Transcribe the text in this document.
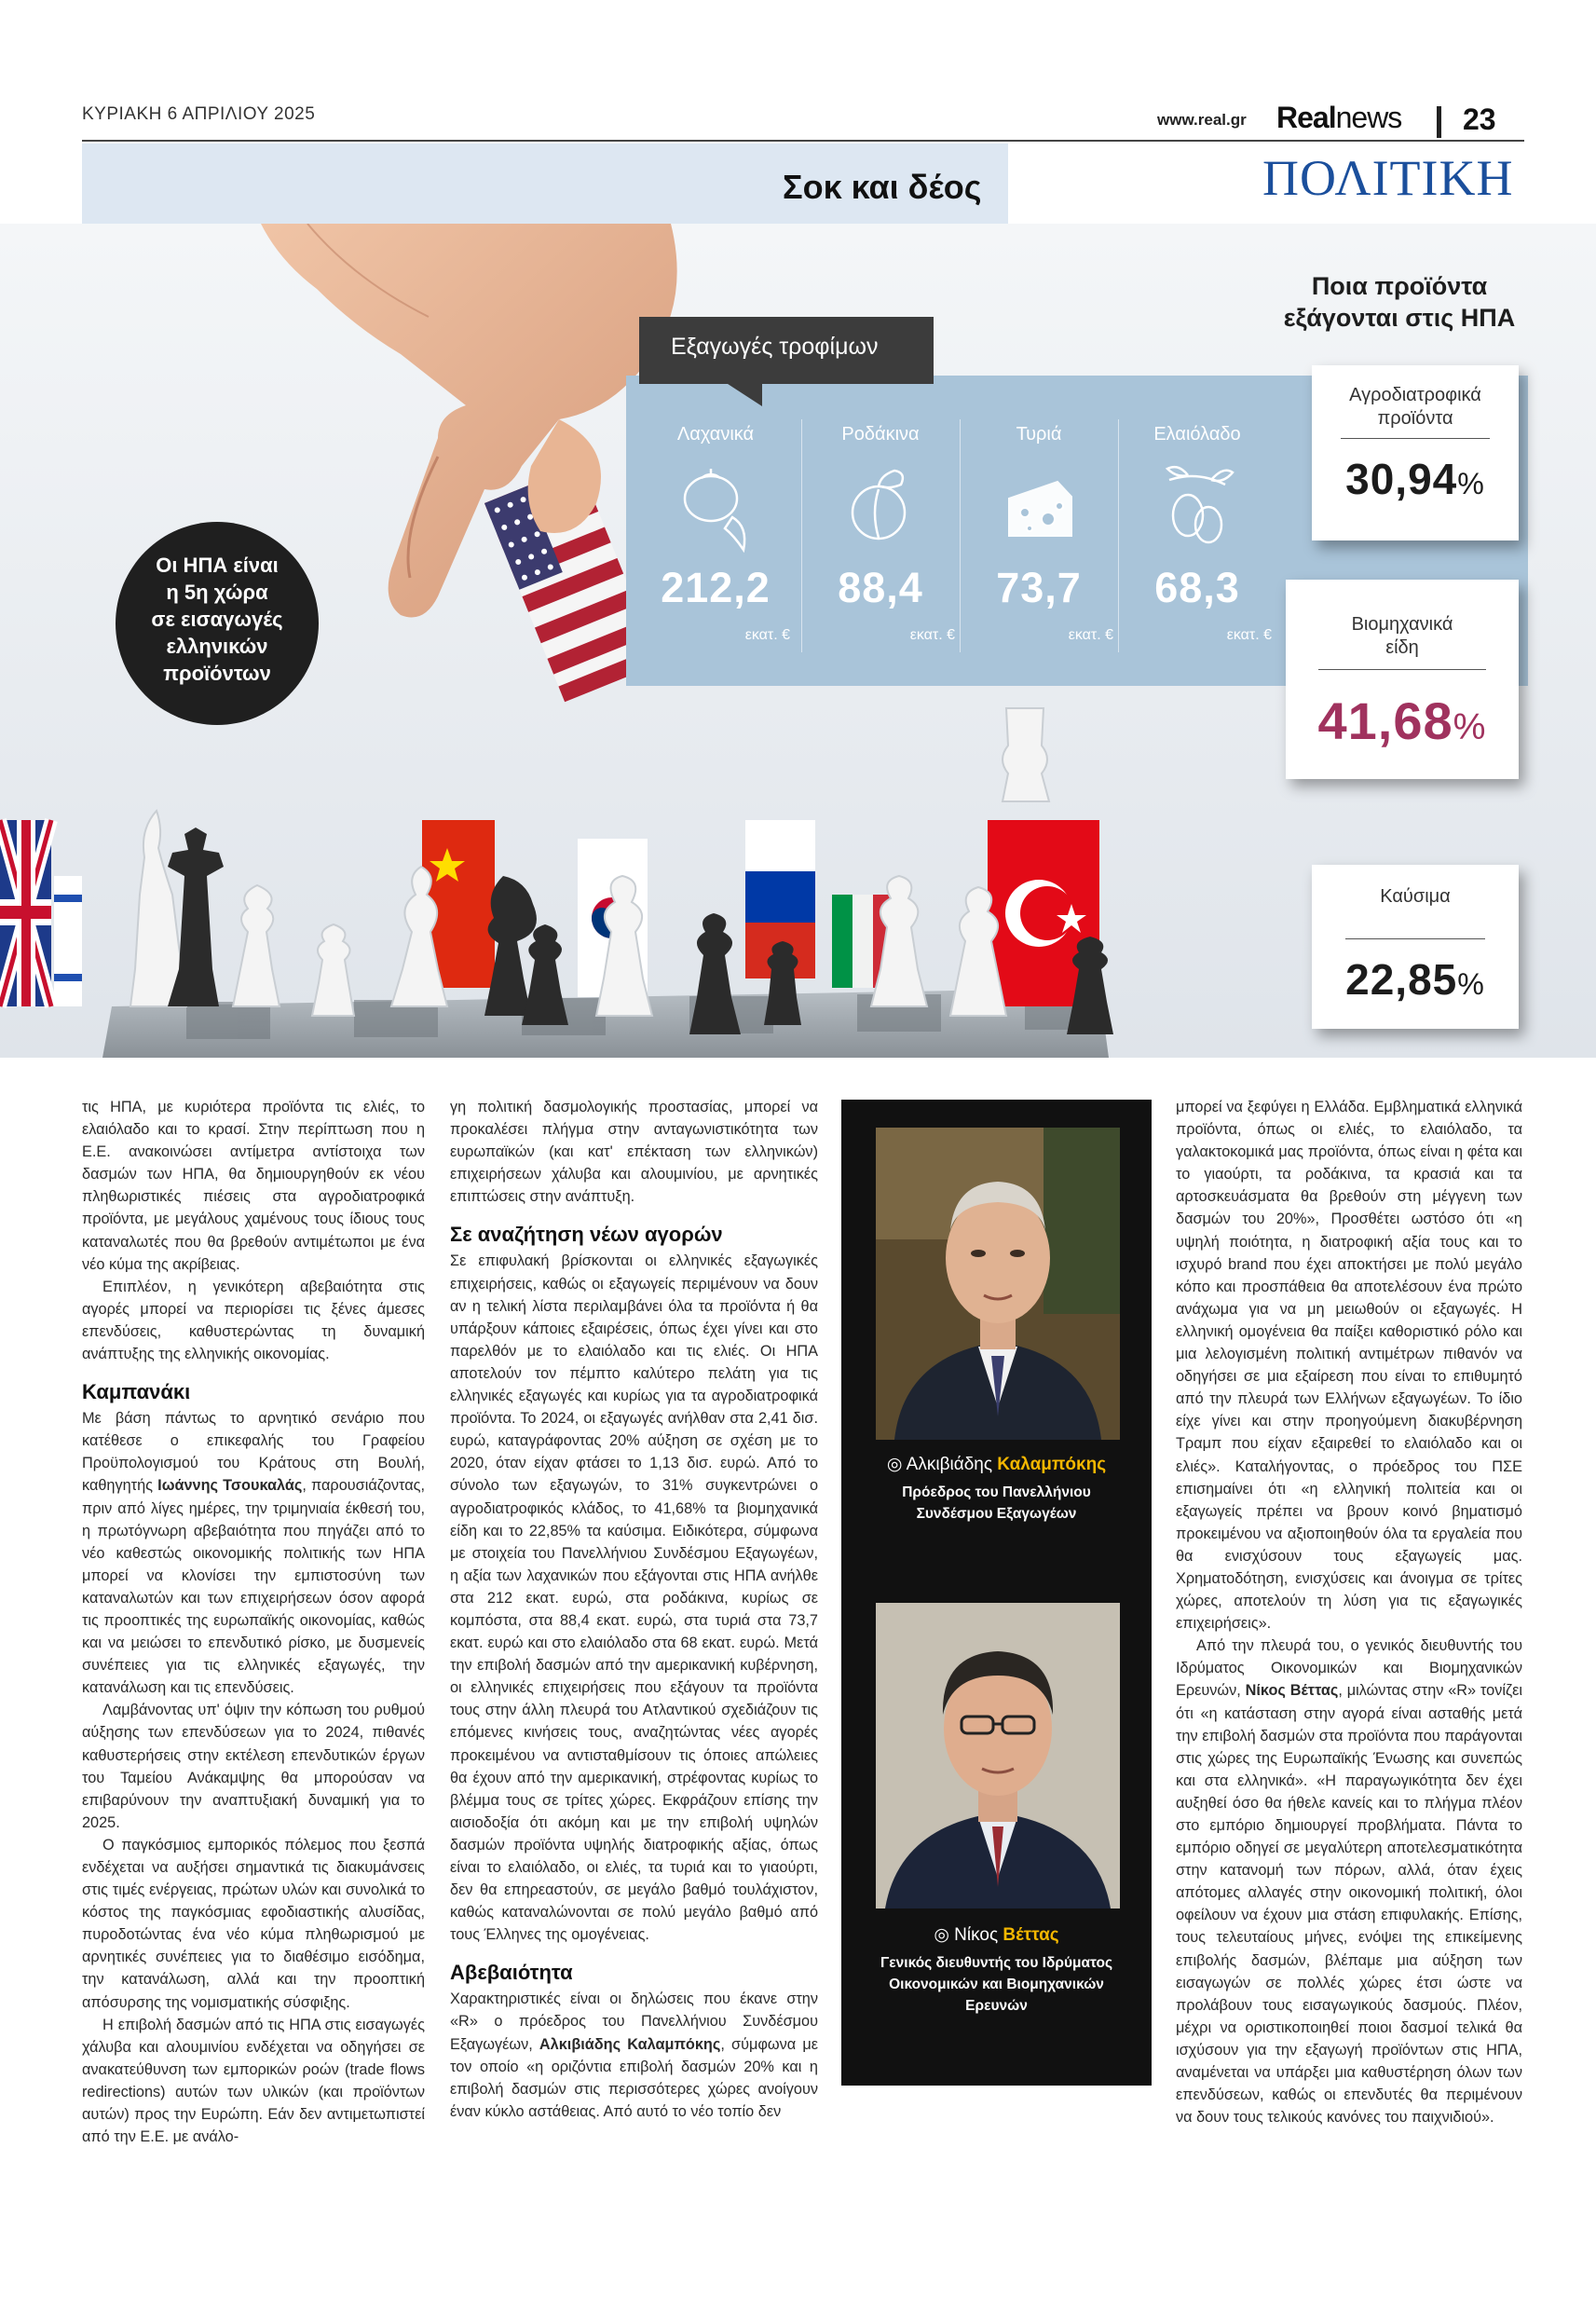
ΚΥΡΙΑΚΗ 6 ΑΠΡΙΛΙΟΥ 2025	www.real.gr Realnews 23
Σοκ και δέος	ΠΟΛΙΤΙΚΗ
Εξαγωγές τροφίμων
Λαχανικά
212,2
εκατ. €
Ροδάκινα
88,4
εκατ. €
Τυριά
73,7
εκατ. €
Ελαιόλαδο
68,3
εκατ. €
Ποια προϊόντα
εξάγονται στις ΗΠΑ
Αγροδιατροφικά
προϊόντα
30,94%
Βιομηχανικά
είδη
41,68%
Καύσιμα
22,85%
Οι ΗΠΑ είναι
η 5η χώρα
σε εισαγωγές
ελληνικών
προϊόντων

τις ΗΠΑ, με κυριότερα προϊόντα τις ελιές, το ελαιόλαδο και το κρασί. Στην περίπτωση που η Ε.Ε. ανακοινώσει αντίμετρα αντίστοιχα των δασμών των ΗΠΑ, θα δημιουργηθούν εκ νέου πληθωριστικές πιέσεις στα αγροδιατροφικά προϊόντα, με μεγάλους χαμένους τους ίδιους τους καταναλωτές που θα βρεθούν αντιμέτωποι με ένα νέο κύμα της ακρίβειας.

Επιπλέον, η γενικότερη αβεβαιότητα στις αγορές μπορεί να περιορίσει τις ξένες άμεσες επενδύσεις, καθυστερώντας τη δυναμική ανάπτυξης της ελληνικής οικονομίας.

Καμπανάκι

Με βάση πάντως το αρνητικό σενάριο που κατέθεσε ο επικεφαλής του Γραφείου Προϋπολογισμού του Κράτους στη Βουλή, καθηγητής Ιωάννης Τσουκαλάς, παρουσιάζοντας, πριν από λίγες ημέρες, την τριμηνιαία έκθεσή του, η πρωτόγνωρη αβεβαιότητα που πηγάζει από το νέο καθεστώς οικονομικής πολιτικής των ΗΠΑ μπορεί να κλονίσει την εμπιστοσύνη των καταναλωτών και των επιχειρήσεων όσον αφορά τις προοπτικές της ευρωπαϊκής οικονομίας, καθώς και να μειώσει το επενδυτικό ρίσκο, με δυσμενείς συνέπειες για τις ελληνικές εξαγωγές, την κατανάλωση και τις επενδύσεις.

Λαμβάνοντας υπ' όψιν την κόπωση του ρυθμού αύξησης των επενδύσεων για το 2024, πιθανές καθυστερήσεις στην εκτέλεση επενδυτικών έργων του Ταμείου Ανάκαμψης θα μπορούσαν να επιβαρύνουν την αναπτυξιακή δυναμική για το 2025.

Ο παγκόσμιος εμπορικός πόλεμος που ξεσπά ενδέχεται να αυξήσει σημαντικά τις διακυμάνσεις στις τιμές ενέργειας, πρώτων υλών και συνολικά το κόστος της παγκόσμιας εφοδιαστικής αλυσίδας, πυροδοτώντας ένα νέο κύμα πληθωρισμού με αρνητικές συνέπειες για το διαθέσιμο εισόδημα, την κατανάλωση, αλλά και την προοπτική απόσυρσης της νομισματικής σύσφιξης.

Η επιβολή δασμών από τις ΗΠΑ στις εισαγωγές χάλυβα και αλουμινίου ενδέχεται να οδηγήσει σε ανακατεύθυνση των εμπορικών ροών (trade flows redirections) αυτών των υλικών (και προϊόντων αυτών) προς την Ευρώπη. Εάν δεν αντιμετωπιστεί από την Ε.Ε. με ανάλο-

γη πολιτική δασμολογικής προστασίας, μπορεί να προκαλέσει πλήγμα στην ανταγωνιστικότητα των ευρωπαϊκών (και κατ' επέκταση των ελληνικών) επιχειρήσεων χάλυβα και αλουμινίου, με αρνητικές επιπτώσεις στην ανάπτυξη.

Σε αναζήτηση νέων αγορών

Σε επιφυλακή βρίσκονται οι ελληνικές εξαγωγικές επιχειρήσεις, καθώς οι εξαγωγείς περιμένουν να δουν αν η τελική λίστα περιλαμβάνει όλα τα προϊόντα ή θα υπάρξουν κάποιες εξαιρέσεις, όπως έχει γίνει και στο παρελθόν με το ελαιόλαδο και τις ελιές. Οι ΗΠΑ αποτελούν τον πέμπτο καλύτερο πελάτη για τις ελληνικές εξαγωγές και κυρίως για τα αγροδιατροφικά προϊόντα. Το 2024, οι εξαγωγές ανήλθαν στα 2,41 δισ. ευρώ, καταγράφοντας 20% αύξηση σε σχέση με το 2020, όταν είχαν φτάσει το 1,13 δισ. ευρώ. Από το σύνολο των εξαγωγών, το 31% συγκεντρώνει ο αγροδιατροφικός κλάδος, το 41,68% τα βιομηχανικά είδη και το 22,85% τα καύσιμα. Ειδικότερα, σύμφωνα με στοιχεία του Πανελλήνιου Συνδέσμου Εξαγωγέων, η αξία των λαχανικών που εξάγονται στις ΗΠΑ ανήλθε στα 212 εκατ. ευρώ, στα ροδάκινα, κυρίως σε κομπόστα, στα 88,4 εκατ. ευρώ, στα τυριά στα 73,7 εκατ. ευρώ και στο ελαιόλαδο στα 68 εκατ. ευρώ. Μετά την επιβολή δασμών από την αμερικανική κυβέρνηση, οι ελληνικές επιχειρήσεις που εξάγουν τα προϊόντα τους στην άλλη πλευρά του Ατλαντικού σχεδιάζουν τις επόμενες κινήσεις τους, αναζητώντας νέες αγορές προκειμένου να αντισταθμίσουν τις όποιες απώλειες θα έχουν από την αμερικανική, στρέφοντας κυρίως το βλέμμα τους σε τρίτες χώρες. Εκφράζουν επίσης την αισιοδοξία ότι ακόμη και με την επιβολή υψηλών δασμών προϊόντα υψηλής διατροφικής αξίας, όπως είναι το ελαιόλαδο, οι ελιές, τα τυριά και το γιαούρτι, δεν θα επηρεαστούν, σε μεγάλο βαθμό τουλάχιστον, καθώς καταναλώνονται σε πολύ μεγάλο βαθμό από τους Έλληνες της ομογένειας.

Αβεβαιότητα

Χαρακτηριστικές είναι οι δηλώσεις που έκανε στην «R» ο πρόεδρος του Πανελλήνιου Συνδέσμου Εξαγωγέων, Αλκιβιάδης Καλαμπόκης, σύμφωνα με τον οποίο «η οριζόντια επιβολή δασμών 20% και η επιβολή δασμών στις περισσότερες χώρες ανοίγουν έναν κύκλο αστάθειας. Από αυτό το νέο τοπίο δεν

◎ Αλκιβιάδης Καλαμπόκης
Πρόεδρος του Πανελλήνιου
Συνδέσμου Εξαγωγέων
◎ Νίκος Βέττας
Γενικός διευθυντής του Ιδρύματος
Οικονομικών και Βιομηχανικών
Ερευνών

μπορεί να ξεφύγει η Ελλάδα. Εμβληματικά ελληνικά προϊόντα, όπως οι ελιές, το ελαιόλαδο, τα γαλακτοκομικά μας προϊόντα, όπως είναι η φέτα και το γιαούρτι, τα ροδάκινα, τα κρασιά και τα αρτοσκευάσματα θα βρεθούν στη μέγγενη των δασμών του 20%», Προσθέτει ωστόσο ότι «η υψηλή ποιότητα, η διατροφική αξία τους και το ισχυρό brand που έχει αποκτήσει με πολύ μεγάλο κόπο και προσπάθεια θα αποτελέσουν ένα πρώτο ανάχωμα για να μη μειωθούν οι εξαγωγές. Η ελληνική ομογένεια θα παίξει καθοριστικό ρόλο και μια λελογισμένη πολιτική αντιμέτρων πιθανόν να οδηγήσει σε μια εξαίρεση που είναι το επιθυμητό από την πλευρά των Ελλήνων εξαγωγέων. Το ίδιο είχε γίνει και στην προηγούμενη διακυβέρνηση Τραμπ που είχαν εξαιρεθεί το ελαιόλαδο και οι ελιές». Καταλήγοντας, ο πρόεδρος του ΠΣΕ επισημαίνει ότι «η ελληνική πολιτεία και οι εξαγωγείς πρέπει να βρουν κοινό βηματισμό προκειμένου να αξιοποιηθούν όλα τα εργαλεία που θα ενισχύσουν τους εξαγωγείς μας. Χρηματοδότηση, ενισχύσεις και άνοιγμα σε τρίτες χώρες, αποτελούν τη λύση για τις εξαγωγικές επιχειρήσεις».

Από την πλευρά του, ο γενικός διευθυντής του Ιδρύματος Οικονομικών και Βιομηχανικών Ερευνών, Νίκος Βέττας, μιλώντας στην «R» τονίζει ότι «η κατάσταση στην αγορά είναι ασταθής μετά την επιβολή δασμών στα προϊόντα που παράγονται στις χώρες της Ευρωπαϊκής Ένωσης και συνεπώς και στα ελληνικά». «Η παραγωγικότητα δεν έχει αυξηθεί όσο θα ήθελε κανείς και το πλήγμα πλέον στο εμπόριο δημιουργεί προβλήματα. Πάντα το εμπόριο οδηγεί σε μεγαλύτερη αποτελεσματικότητα στην κατανομή των πόρων, αλλά, όταν έχεις απότομες αλλαγές στην οικονομική πολιτική, όλοι οφείλουν να έχουν μια στάση επιφυλακής. Επίσης, τους τελευταίους μήνες, ενόψει της επικείμενης επιβολής δασμών, βλέπαμε μια αύξηση των εισαγωγών σε πολλές χώρες έτσι ώστε να προλάβουν τους εισαγωγικούς δασμούς. Πλέον, μέχρι να οριστικοποιηθεί ποιοι δασμοί τελικά θα ισχύσουν για την εξαγωγή προϊόντων στις ΗΠΑ, αναμένεται να υπάρξει μια καθυστέρηση όλων των επενδύσεων, καθώς οι επενδυτές θα περιμένουν να δουν τους τελικούς κανόνες του παιχνιδιού».
